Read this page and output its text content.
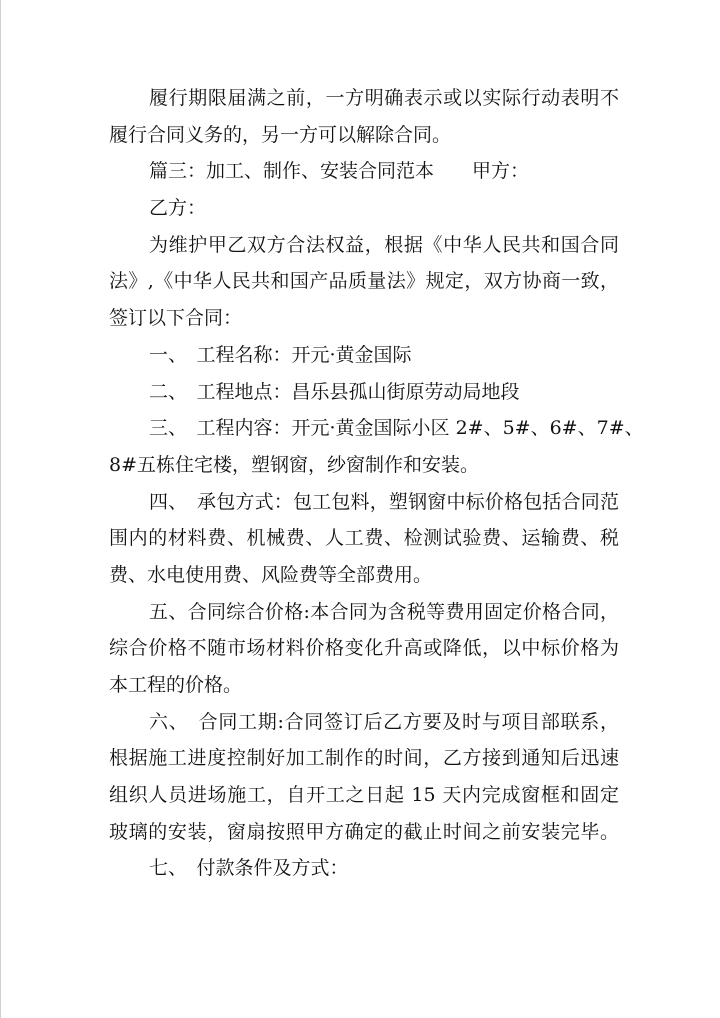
履行期限届满之前，一方明确表示或以实际行动表明不
履行合同义务的，另一方可以解除合同。
篇三：加工、制作、安装合同范本　　甲方：
乙方：
为维护甲乙双方合法权益，根据《中华人民共和国合同
法》,《中华人民共和国产品质量法》规定，双方协商一致，
签订以下合同：
一、　工程名称：开元·黄金国际
二、　工程地点：昌乐县孤山街原劳动局地段
三、　工程内容：开元·黄金国际小区 2#、5#、6#、7#、
8#五栋住宅楼，塑钢窗，纱窗制作和安装。
四、　承包方式：包工包料，塑钢窗中标价格包括合同范
围内的材料费、机械费、人工费、检测试验费、运输费、税
费、水电使用费、风险费等全部费用。
五、合同综合价格:本合同为含税等费用固定价格合同，
综合价格不随市场材料价格变化升高或降低，以中标价格为
本工程的价格。
六、　合同工期:合同签订后乙方要及时与项目部联系，
根据施工进度控制好加工制作的时间，乙方接到通知后迅速
组织人员进场施工，自开工之日起 15 天内完成窗框和固定
玻璃的安装，窗扇按照甲方确定的截止时间之前安装完毕。
七、　付款条件及方式：
